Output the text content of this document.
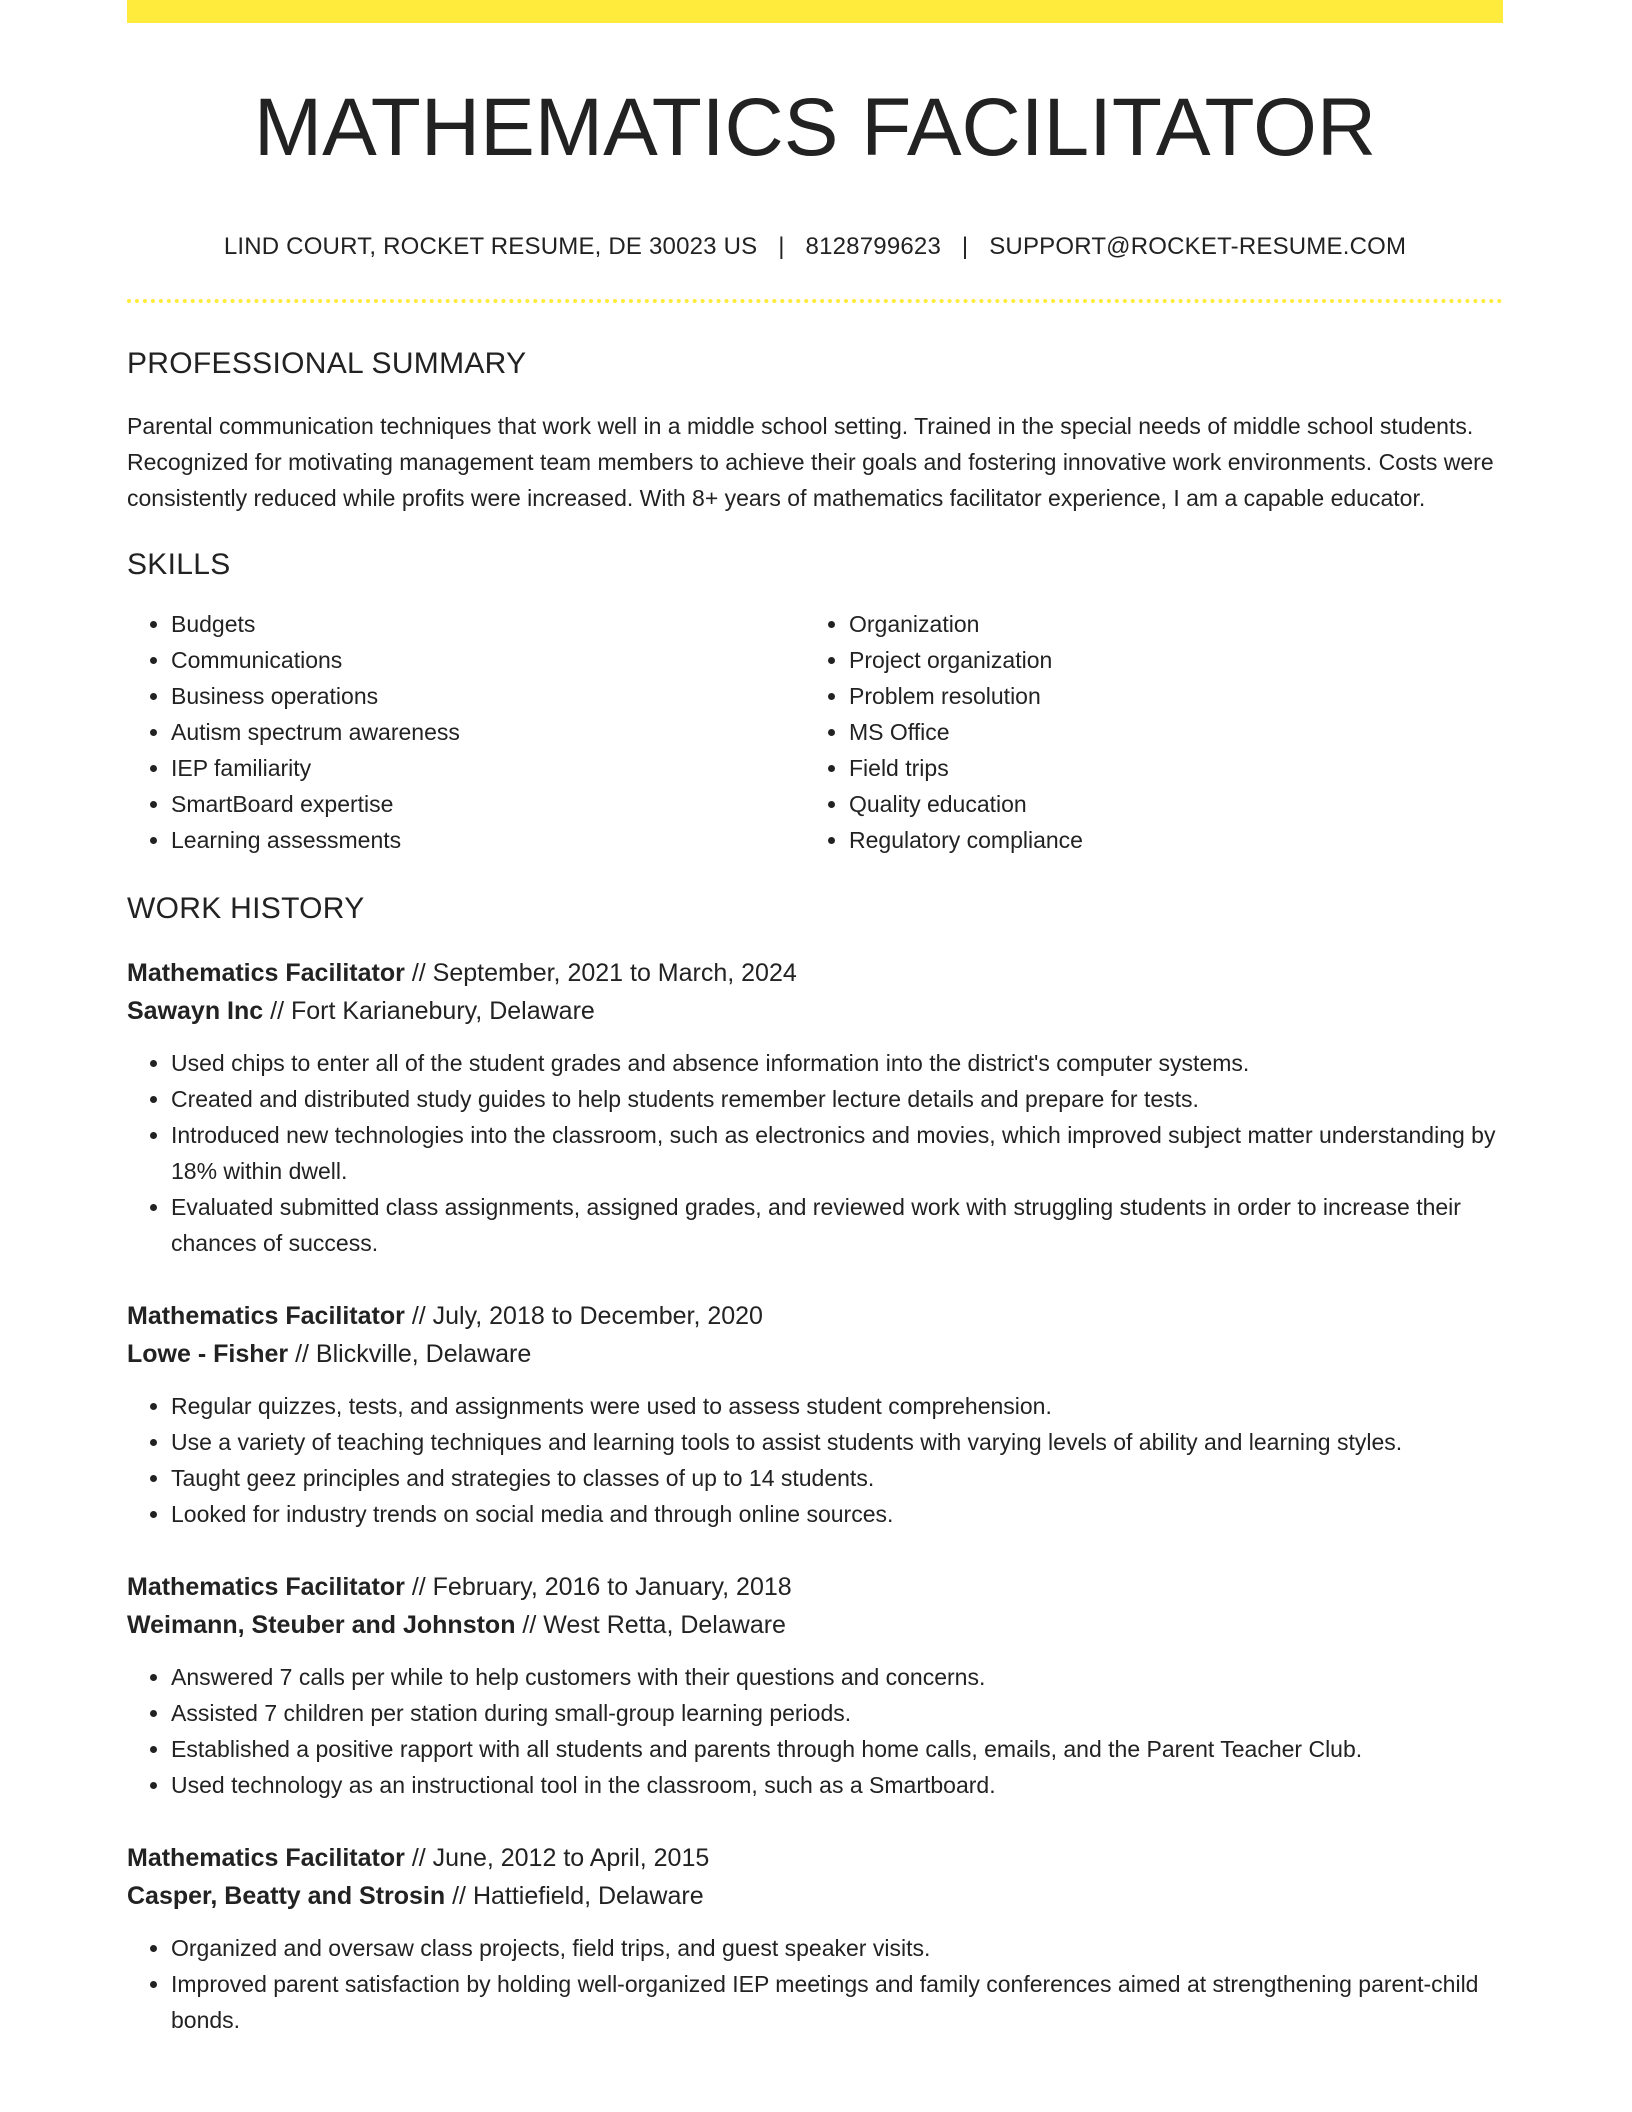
MATHEMATICS FACILITATOR
LIND COURT, ROCKET RESUME, DE 30023 US | 8128799623 | SUPPORT@ROCKET-RESUME.COM
PROFESSIONAL SUMMARY

Parental communication techniques that work well in a middle school setting. Trained in the special needs of middle school students. Recognized for motivating management team members to achieve their goals and fostering innovative work environments. Costs were consistently reduced while profits were increased. With 8+ years of mathematics facilitator experience, I am a capable educator.

SKILLS
• Budgets
• Communications
• Business operations
• Autism spectrum awareness
• IEP familiarity
• SmartBoard expertise
• Learning assessments
• Organization
• Project organization
• Problem resolution
• MS Office
• Field trips
• Quality education
• Regulatory compliance
WORK HISTORY
Mathematics Facilitator // September, 2021 to March, 2024
Sawayn Inc // Fort Karianebury, Delaware
• Used chips to enter all of the student grades and absence information into the district's computer systems.
• Created and distributed study guides to help students remember lecture details and prepare for tests.
• Introduced new technologies into the classroom, such as electronics and movies, which improved subject matter understanding by 18% within dwell.
• Evaluated submitted class assignments, assigned grades, and reviewed work with struggling students in order to increase their chances of success.
Mathematics Facilitator // July, 2018 to December, 2020
Lowe - Fisher // Blickville, Delaware
• Regular quizzes, tests, and assignments were used to assess student comprehension.
• Use a variety of teaching techniques and learning tools to assist students with varying levels of ability and learning styles.
• Taught geez principles and strategies to classes of up to 14 students.
• Looked for industry trends on social media and through online sources.
Mathematics Facilitator // February, 2016 to January, 2018
Weimann, Steuber and Johnston // West Retta, Delaware
• Answered 7 calls per while to help customers with their questions and concerns.
• Assisted 7 children per station during small-group learning periods.
• Established a positive rapport with all students and parents through home calls, emails, and the Parent Teacher Club.
• Used technology as an instructional tool in the classroom, such as a Smartboard.
Mathematics Facilitator // June, 2012 to April, 2015
Casper, Beatty and Strosin // Hattiefield, Delaware
• Organized and oversaw class projects, field trips, and guest speaker visits.
• Improved parent satisfaction by holding well-organized IEP meetings and family conferences aimed at strengthening parent-child bonds.
